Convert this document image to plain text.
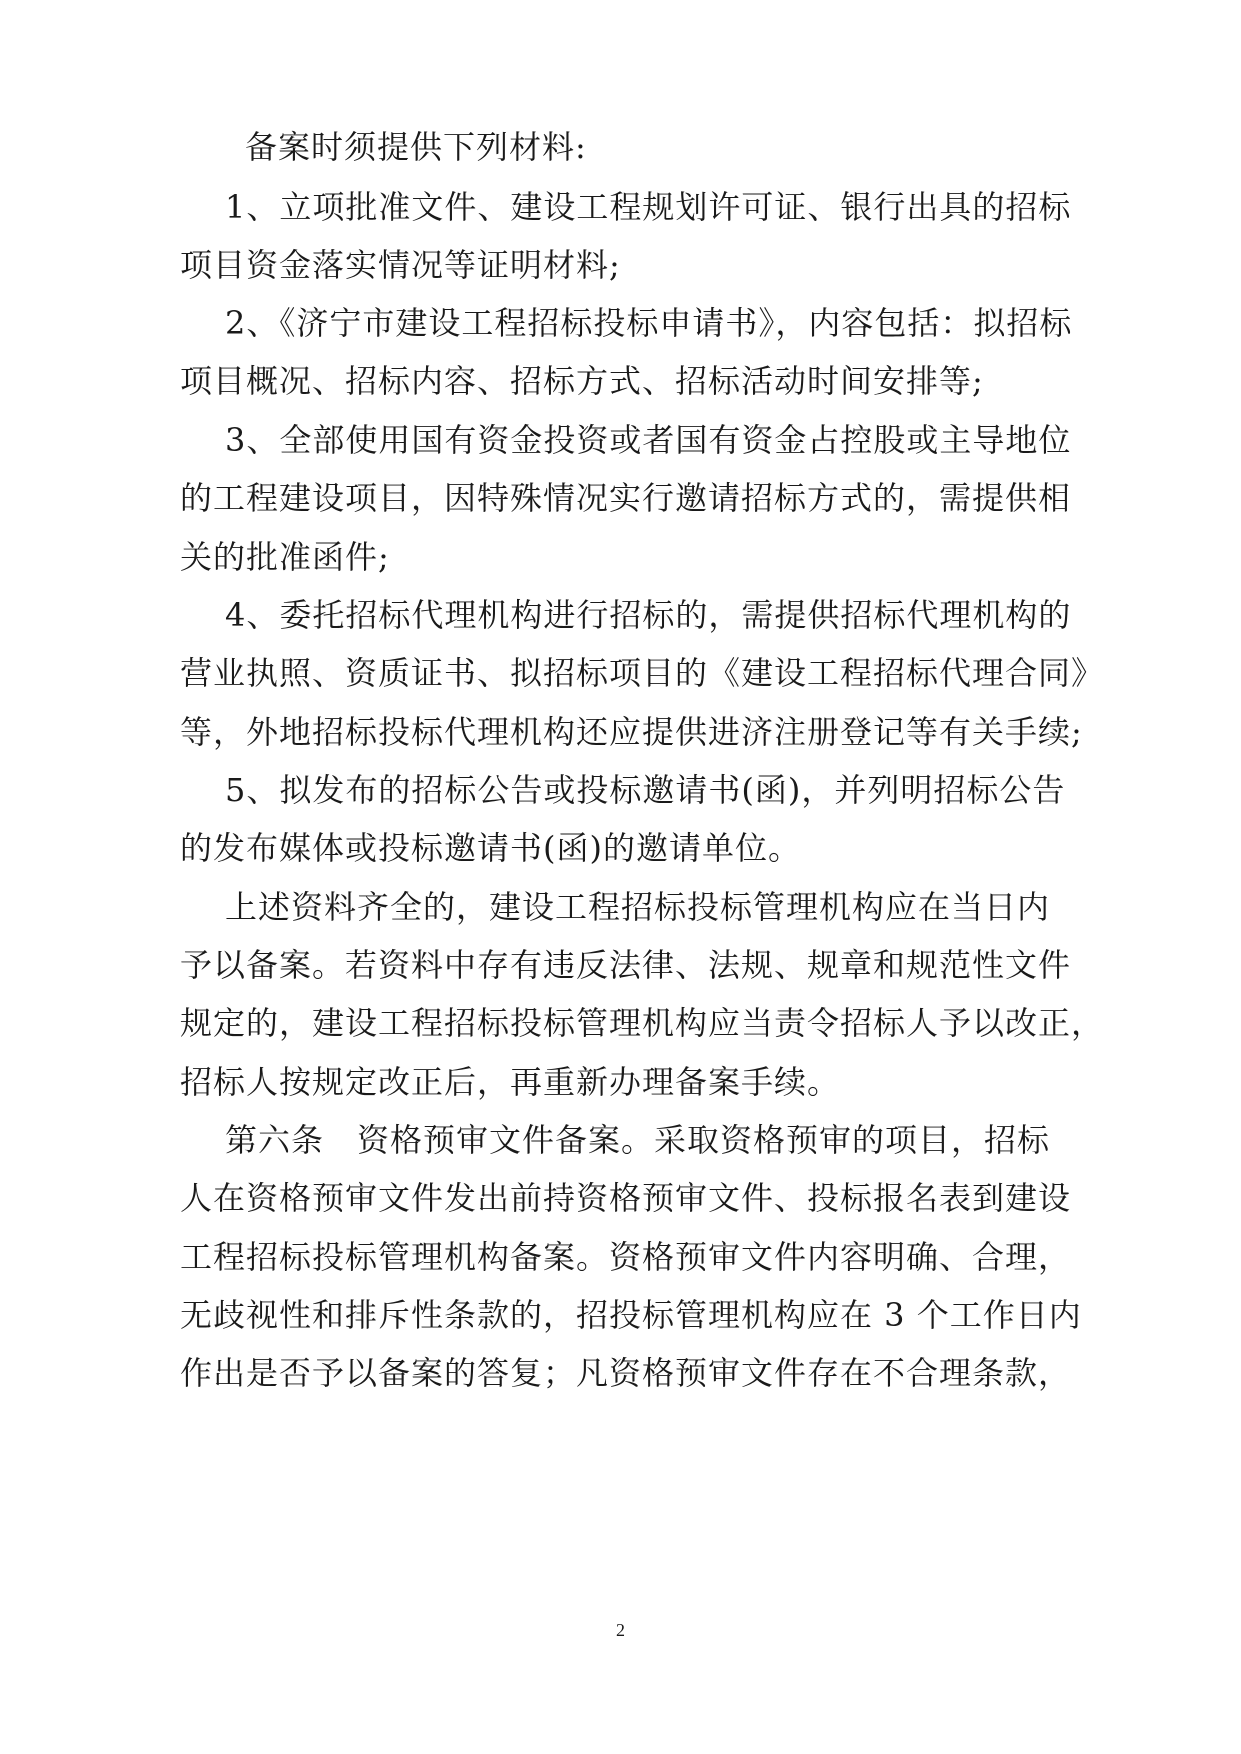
备案时须提供下列材料:
1、立项批准文件、建设工程规划许可证、银行出具的招标
项目资金落实情况等证明材料;
2、《济宁市建设工程招标投标申请书》，内容包括：拟招标
项目概况、招标内容、招标方式、招标活动时间安排等;
3、全部使用国有资金投资或者国有资金占控股或主导地位
的工程建设项目，因特殊情况实行邀请招标方式的，需提供相
关的批准函件;
4、委托招标代理机构进行招标的，需提供招标代理机构的
营业执照、资质证书、拟招标项目的《建设工程招标代理合同》
等，外地招标投标代理机构还应提供进济注册登记等有关手续;
5、拟发布的招标公告或投标邀请书(函)，并列明招标公告
的发布媒体或投标邀请书(函)的邀请单位。
上述资料齐全的，建设工程招标投标管理机构应在当日内
予以备案。若资料中存有违反法律、法规、规章和规范性文件
规定的，建设工程招标投标管理机构应当责令招标人予以改正，
招标人按规定改正后，再重新办理备案手续。
第六条　资格预审文件备案。采取资格预审的项目，招标
人在资格预审文件发出前持资格预审文件、投标报名表到建设
工程招标投标管理机构备案。资格预审文件内容明确、合理，
无歧视性和排斥性条款的，招投标管理机构应在 3 个工作日内
作出是否予以备案的答复；凡资格预审文件存在不合理条款，
2
